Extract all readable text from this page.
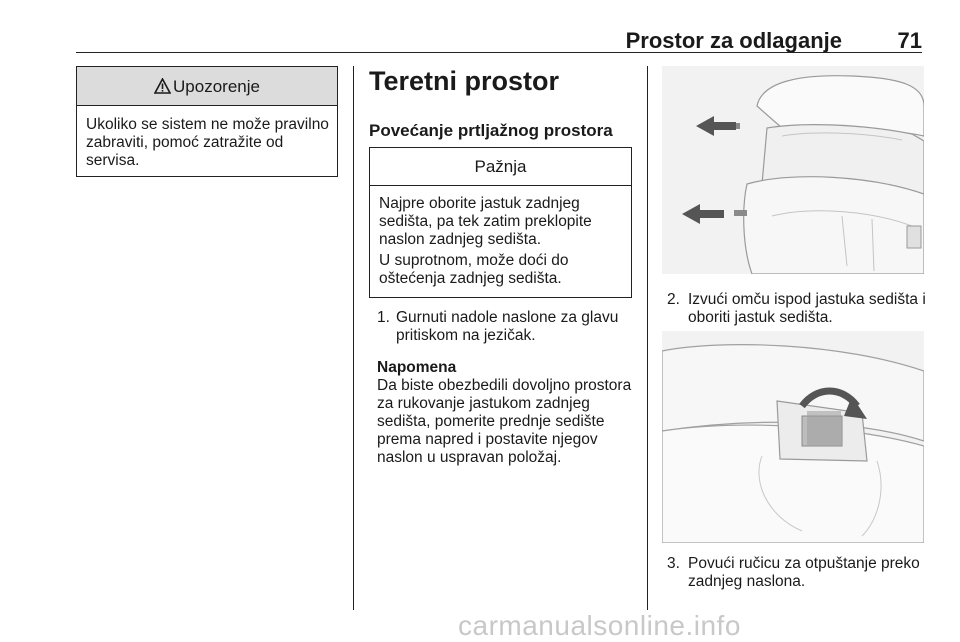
Prostor za odlaganje	71
Upozorenje
Ukoliko se sistem ne može pravilno zabraviti, pomoć zatražite od servisa.
Teretni prostor
Povećanje prtljažnog prostora
Pažnja
Najpre oborite jastuk zadnjeg sedišta, pa tek zatim preklopite naslon zadnjeg sedišta.
U suprotnom, može doći do oštećenja zadnjeg sedišta.
1. Gurnuti nadole naslone za glavu pritiskom na jezičak.
Napomena
Da biste obezbedili dovoljno prostora za rukovanje jastukom zadnjeg sedišta, pomerite prednje sedište prema napred i postavite njegov naslon u uspravan položaj.
2. Izvući omču ispod jastuka sedišta i oboriti jastuk sedišta.
3. Povući ručicu za otpuštanje preko zadnjeg naslona.
carmanualsonline.info
